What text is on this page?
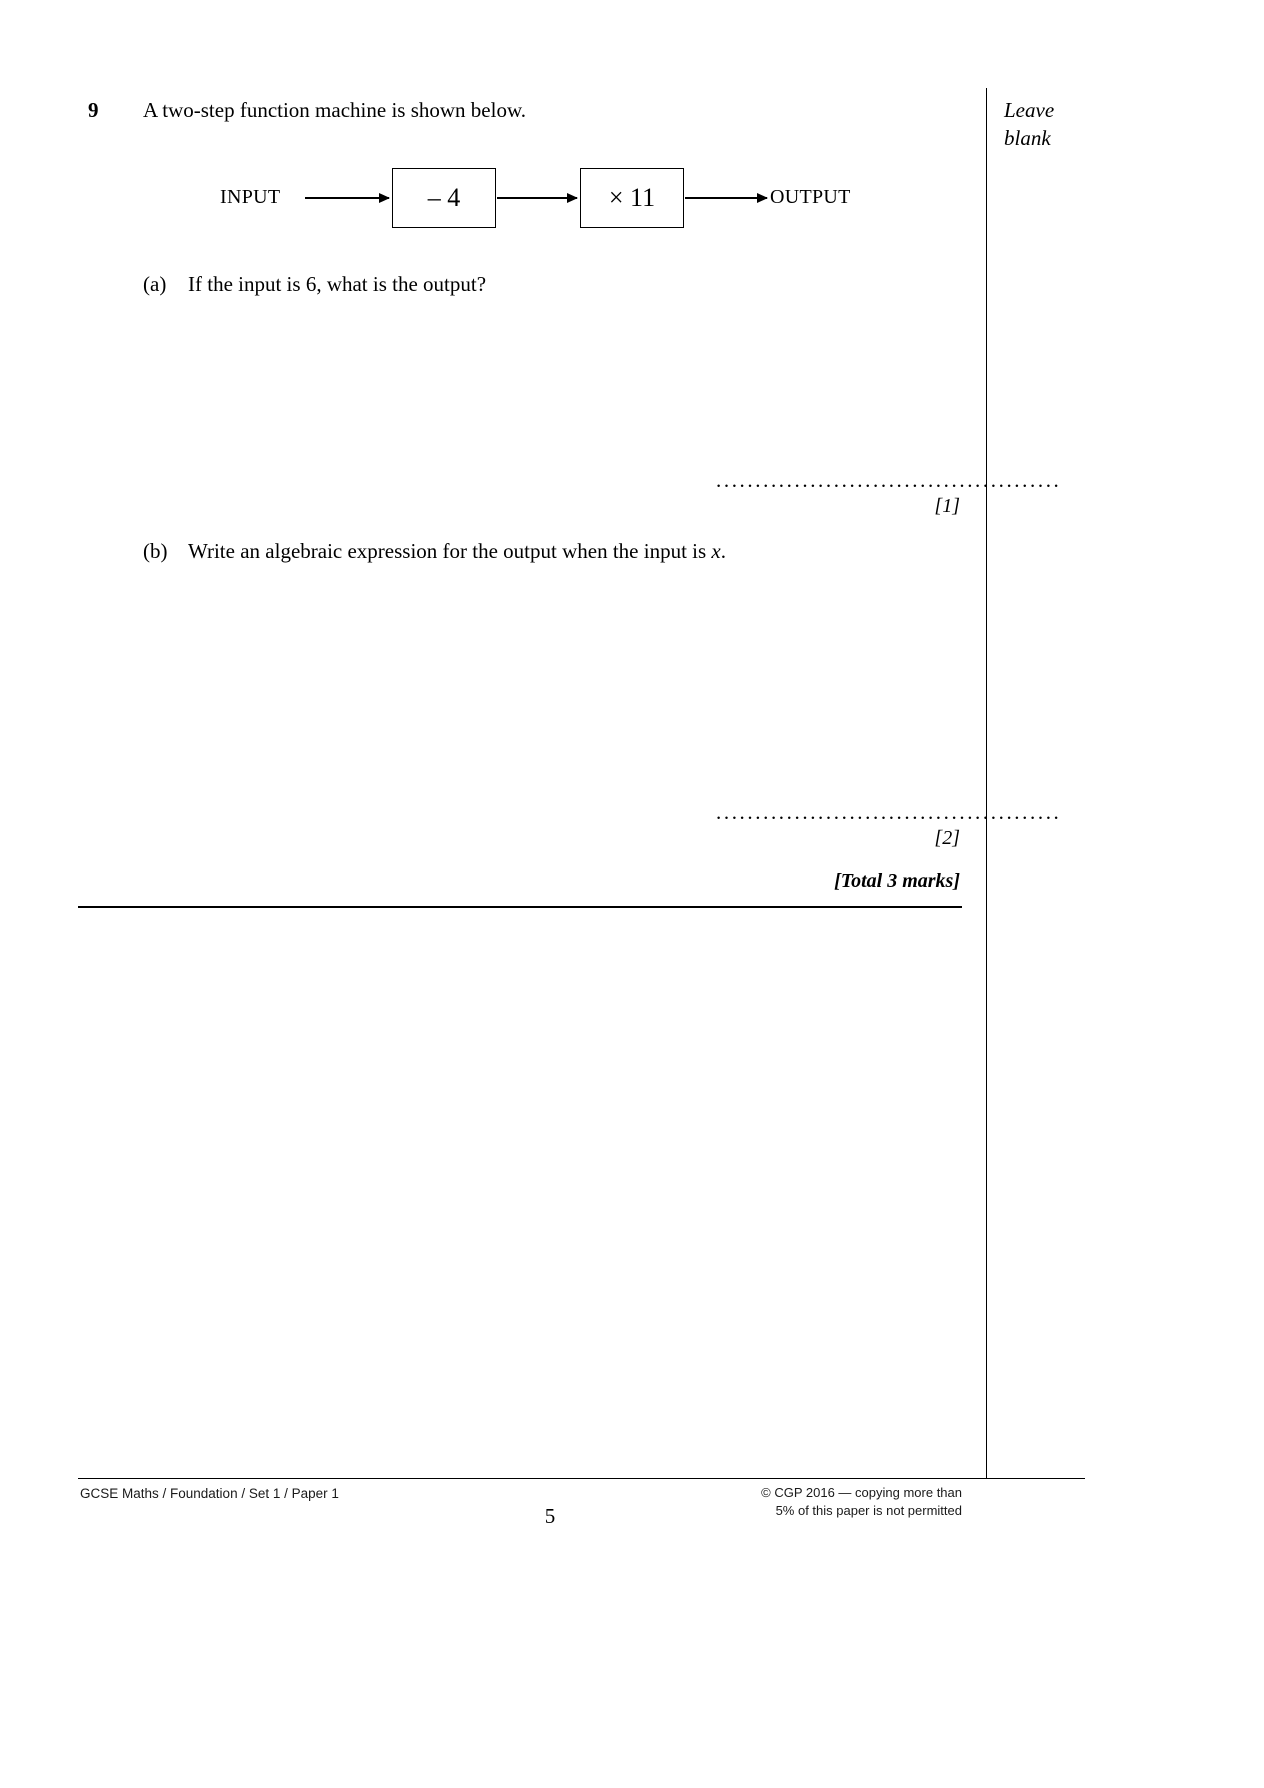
Leave
blank
9 A two-step function machine is shown below.
INPUT	– 4	× 11	OUTPUT
(a) If the input is 6, what is the output?
............................................
[1]
(b) Write an algebraic expression for the output when the input is x.
............................................
[2]
[Total 3 marks]
GCSE Maths / Foundation / Set 1 / Paper 1	© CGP 2016 — copying more than
5% of this paper is not permitted
5
